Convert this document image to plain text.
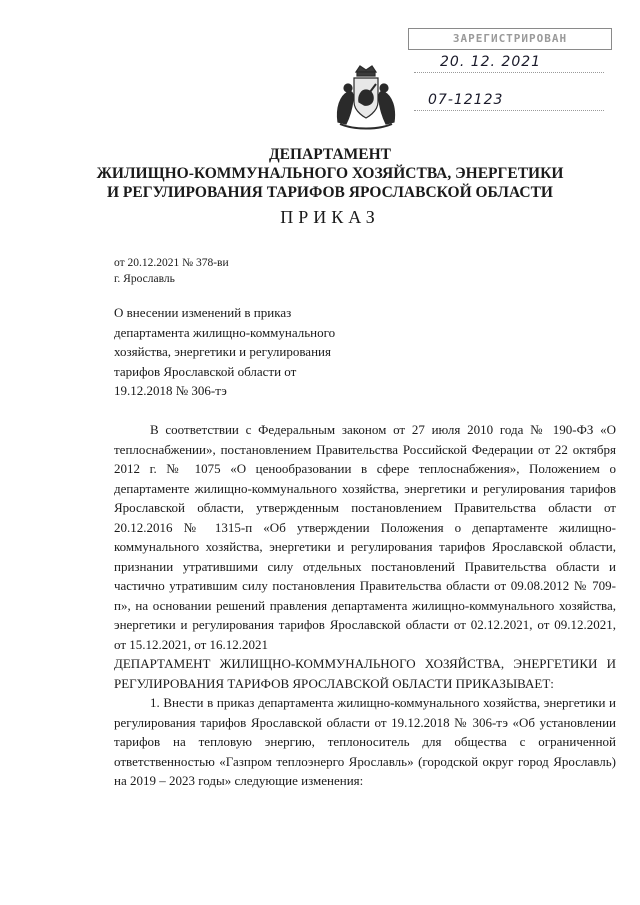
ЗАРЕГИСТРИРОВАН
20. 12. 2021
07-12123
ДЕПАРТАМЕНТ
ЖИЛИЩНО-КОММУНАЛЬНОГО ХОЗЯЙСТВА, ЭНЕРГЕТИКИ
И РЕГУЛИРОВАНИЯ ТАРИФОВ ЯРОСЛАВСКОЙ ОБЛАСТИ
ПРИКАЗ
от 20.12.2021 № 378-ви
г. Ярославль
О внесении изменений в приказ департамента жилищно-коммунального хозяйства, энергетики и регулирования тарифов Ярославской области от 19.12.2018 № 306-тэ

В соответствии с Федеральным законом от 27 июля 2010 года № 190-ФЗ «О теплоснабжении», постановлением Правительства Российской Федерации от 22 октября 2012 г. № 1075 «О ценообразовании в сфере теплоснабжения», Положением о департаменте жилищно-коммунального хозяйства, энергетики и регулирования тарифов Ярославской области, утвержденным постановлением Правительства области от 20.12.2016 № 1315-п «Об утверждении Положения о департаменте жилищно-коммунального хозяйства, энергетики и регулирования тарифов Ярославской области, признании утратившими силу отдельных постановлений Правительства области и частично утратившим силу постановления Правительства области от 09.08.2012 № 709-п», на основании решений правления департамента жилищно-коммунального хозяйства, энергетики и регулирования тарифов Ярославской области от 02.12.2021, от 09.12.2021, от 15.12.2021, от 16.12.2021

ДЕПАРТАМЕНТ ЖИЛИЩНО-КОММУНАЛЬНОГО ХОЗЯЙСТВА, ЭНЕРГЕТИКИ И РЕГУЛИРОВАНИЯ ТАРИФОВ ЯРОСЛАВСКОЙ ОБЛАСТИ ПРИКАЗЫВАЕТ:

1. Внести в приказ департамента жилищно-коммунального хозяйства, энергетики и регулирования тарифов Ярославской области от 19.12.2018 № 306-тэ «Об установлении тарифов на тепловую энергию, теплоноситель для общества с ограниченной ответственностью «Газпром теплоэнерго Ярославль» (городской округ город Ярославль) на 2019 – 2023 годы» следующие изменения:
